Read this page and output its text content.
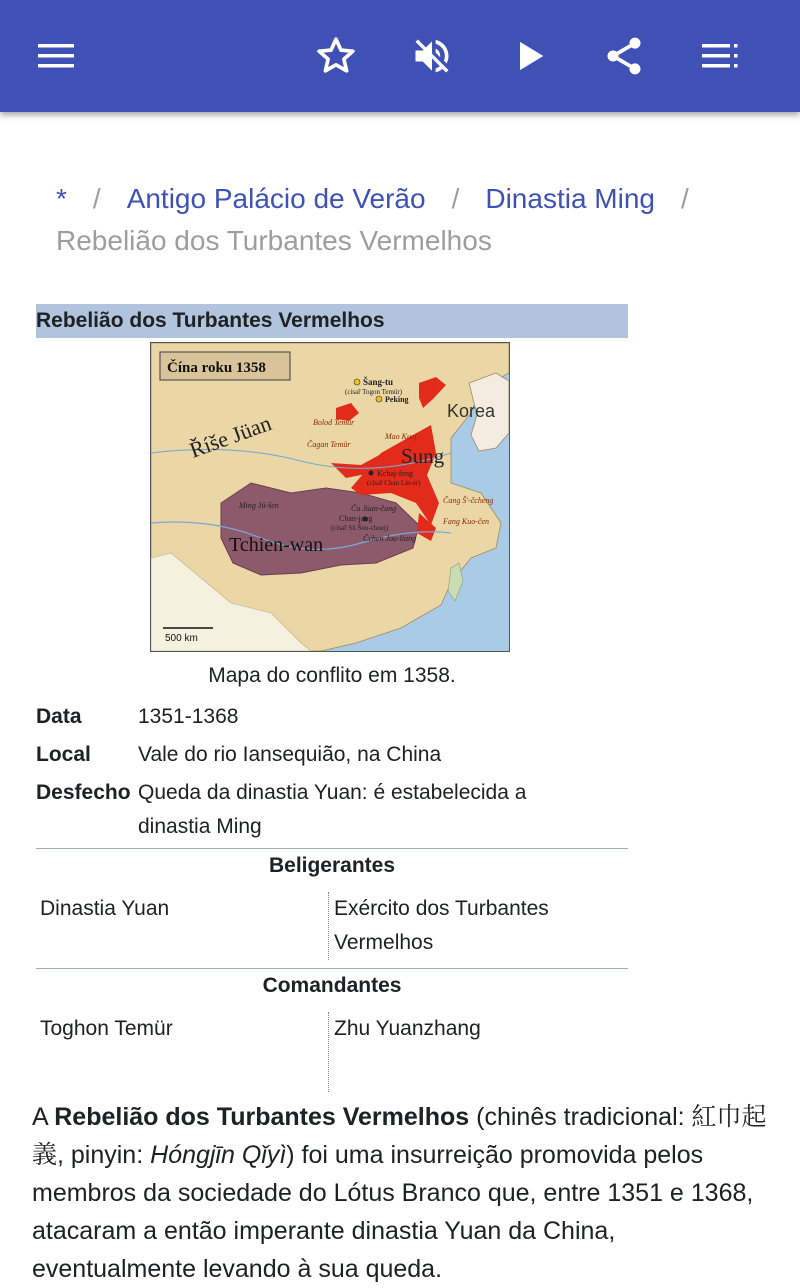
* / Antigo Palácio de Verão / Dinastia Ming /
Rebelião dos Turbantes Vermelhos
Rebelião dos Turbantes Vermelhos
Čína roku 1358
Říše Jüan	Sung
Tchien-wan
Korea
Šang-tu
(císař Togon Temür)
Peking
Bolod Temür
Čagan Temür
Mao Kuej
Kchaj-feng
(císař Chan Lin-er)
Ming Jü-šen	Ču Jüan-čang
Chan-jang
(císař Sü Šou-chuej)
Čang Š'-čcheng
Fang Kuo-čen
Čchen Jou-liang
500 km
Mapa do conflito em 1358.
Data	1351-1368
Local	Vale do rio Iansequião, na China
Desfecho Queda da dinastia Yuan: é estabelecida a dinastia Ming
Beligerantes
Dinastia Yuan	Exército dos Turbantes Vermelhos
Comandantes
Toghon Temür	Zhu Yuanzhang
A Rebelião dos Turbantes Vermelhos (chinês tradicional: 紅巾起義, pinyin: Hóngjīn Qǐyì) foi uma insurreição promovida pelos membros da sociedade do Lótus Branco que, entre 1351 e 1368, atacaram a então imperante dinastia Yuan da China, eventualmente levando à sua queda.
